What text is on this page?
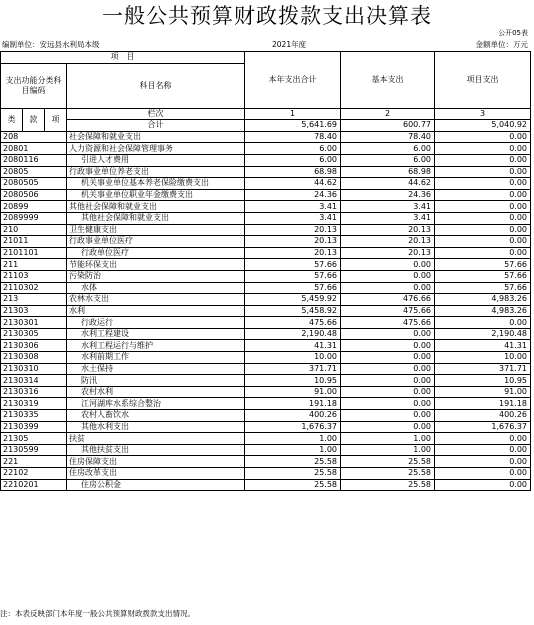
一般公共预算财政拨款支出决算表
公开05表
编制单位：安远县水利局本级	2021年度	金额单位：万元
项　目				本年支出合计	基本支出	项目支出
支出功能分类科目编码			科目名称			

类	款	项	栏次	1	2	3
			合计	5,641.69	600.77	5,040.92
208			社会保障和就业支出	78.40	78.40	0.00
20801			人力资源和社会保障管理事务	6.00	6.00	0.00
2080116			引进人才费用	6.00	6.00	0.00
20805			行政事业单位养老支出	68.98	68.98	0.00
2080505			机关事业单位基本养老保险缴费支出	44.62	44.62	0.00
2080506			机关事业单位职业年金缴费支出	24.36	24.36	0.00
20899			其他社会保障和就业支出	3.41	3.41	0.00
2089999			其他社会保障和就业支出	3.41	3.41	0.00
210			卫生健康支出	20.13	20.13	0.00
21011			行政事业单位医疗	20.13	20.13	0.00
2101101			行政单位医疗	20.13	20.13	0.00
211			节能环保支出	57.66	0.00	57.66
21103			污染防治	57.66	0.00	57.66
2110302			水体	57.66	0.00	57.66
213			农林水支出	5,459.92	476.66	4,983.26
21303			水利	5,458.92	475.66	4,983.26
2130301			行政运行	475.66	475.66	0.00
2130305			水利工程建设	2,190.48	0.00	2,190.48
2130306			水利工程运行与维护	41.31	0.00	41.31
2130308			水利前期工作	10.00	0.00	10.00
2130310			水土保持	371.71	0.00	371.71
2130314			防汛	10.95	0.00	10.95
2130316			农村水利	91.00	0.00	91.00
2130319			江河湖库水系综合整治	191.18	0.00	191.18
2130335			农村人畜饮水	400.26	0.00	400.26
2130399			其他水利支出	1,676.37	0.00	1,676.37
21305			扶贫	1.00	1.00	0.00
2130599			其他扶贫支出	1.00	1.00	0.00
221			住房保障支出	25.58	25.58	0.00
22102			住房改革支出	25.58	25.58	0.00
2210201			住房公积金	25.58	25.58	0.00
注：本表反映部门本年度一般公共预算财政拨款支出情况。
